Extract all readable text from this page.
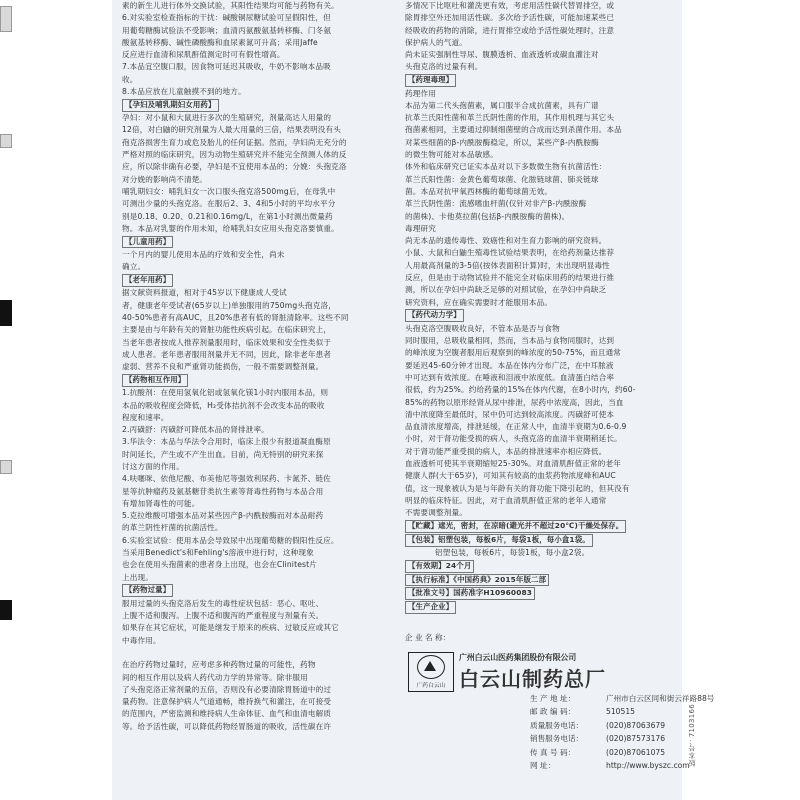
素的新生儿进行体外交换试验，其阳性结果均可能与药物有关。

6.对实验室检查指标的干扰：碱酸铜尿糖试验可呈假阳性，但

用葡萄糖酶试验法不受影响；血清丙氨酸氨基转移酶、门冬氨

酸氨基转移酶、碱性磷酸酶和血尿素氮可升高；采用Jaffe

反应进行血清和尿肌酐值测定时可有假性增高。

7.本品宜空腹口服，因食物可延迟其吸收，牛奶不影响本品吸

收。

8.本品应放在儿童触摸不到的地方。

【孕妇及哺乳期妇女用药】

孕妇：对小鼠和大鼠进行多次的生殖研究，剂量高达人用量的

12倍，对白鼬的研究剂量为人最大用量的三倍，结果表明没有头

孢克洛损害生育力或危及胎儿的任何证据。然而，孕妇尚无充分的

严格对照的临床研究，因为动物生殖研究并不能完全预测人体的反

应，所以除非确有必要，孕妇是不宜使用本品的；分娩：头孢克洛

对分娩的影响尚不清楚。

哺乳期妇女：哺乳妇女一次口服头孢克洛500mg后，在母乳中

可测出少量的头孢克洛。在服后2、3、4和5小时的平均水平分

别是0.18、0.20、0.21和0.16mg/L，在第1小时测出微量药

物。本品对乳婴的作用未知，给哺乳妇女应用头孢克洛要慎重。

【儿童用药】

一个月内的婴儿使用本品的疗效和安全性，尚未

确立。

【老年用药】

据文献资料报道，相对于45岁以下健康成人受试

者，健康老年受试者(65岁以上)单独服用的750mg头孢克洛，

40-50%患者有高AUC，且20%患者有低的肾脏清除率。这些不同

主要是由与年龄有关的肾脏功能性疾病引起。在临床研究上，

当老年患者按成人推荐剂量服用时，临床效果和安全性类似于

成人患者。老年患者服用剂量并无不同，因此，除非老年患者

虚弱、营养不良和严重肾功能损伤，一般不需要调整剂量。

【药物相互作用】

1.抗酸剂：在使用氢氧化铝或氢氧化镁1小时内服用本品，则

本品的吸收程度会降低，H₂受体拮抗剂不会改变本品的吸收

程度和速率。

2.丙磺舒：丙磺舒可降低本品的肾排泄率。

3.华法令：本品与华法令合用时，临床上很少有报道凝血酶原

时间延长，产生或不产生出血。目前，尚无特别的研究来探

讨这方面的作用。

4.呋噻咪、依他尼酸、布美他尼等强效利尿药、卡氮芥、链佐

星等抗肿瘤药及氨基糖苷类抗生素等肾毒性药物与本品合用

有增加肾毒性的可能。

5.克拉维酸可增强本品对某些因产β-内酰胺酶而对本品耐药

的革兰阴性杆菌的抗菌活性。

6.实验室试验：使用本品会导致尿中出现葡萄糖的假阳性反应。

当采用Benedict's和Fehling's溶液中进行时，这种现象

也会在使用头孢菌素的患者身上出现，也会在Clinitest片

上出现。

【药物过量】

服用过量的头孢克洛后发生的毒性症状包括：恶心、呕吐、

上腹不适和腹泻。上腹不适和腹泻的严重程度与剂量有关。

如果存在其它症状，可能是继发于原来的疾病、过敏反应或其它

中毒作用。

在治疗药物过量时，应考虑多种药物过量的可能性，药物

间的相互作用以及病人药代动力学的异常等。除非服用

了头孢克洛正常剂量的五倍，否则没有必要清除胃肠道中的过

量药物。注意保护病人气道通畅，维持换气和灌注，在可接受

的范围内，严密监测和维持病人生命体征、血气和血清电解质

等。给予活性碳，可以降低药物经胃肠道的吸收，活性碳在许

多情况下比呕吐和灌洗更有效，考虑用活性碳代替胃排空，或

除胃排空外还加用活性碳。多次给予活性碳，可能加速某些已

经吸收的药物的消除，进行胃排空或给予活性碳处理时，注意

保护病人的气道。

尚未证实强制性导尿、腹膜透析、血液透析或碳血灌注对

头孢克洛的过量有利。

【药理毒理】

药理作用

本品为第二代头孢菌素，属口服半合成抗菌素，具有广谱

抗革兰氏阳性菌和革兰氏阴性菌的作用，其作用机理与其它头

孢菌素相同，主要通过抑制细菌壁的合成而达到杀菌作用。本品

对某些细菌的β-内酰胺酶稳定，所以，某些产β-内酰胺酶

的微生物可能对本品敏感。

体外和临床研究已证实本品对以下多数微生物有抗菌活性：

革兰氏阳性菌：金黄色葡萄球菌、化脓链球菌、肺炎链球

菌。本品对抗甲氧西林酶的葡萄球菌无效。

革兰氏阴性菌：流感嗜血杆菌(仅针对非产β-内酰胺酶

的菌株)、卡他莫拉菌(包括β-内酰胺酶的菌株)。

毒理研究

尚无本品的遗传毒性、致癌性和对生育力影响的研究资料。

小鼠、大鼠和白鼬生殖毒性试验结果表明，在给药剂量达推荐

人用最高剂量的3-5倍(按体表面积计算)时，未出现明显毒性

反应，但是由于动物试验并不能完全对临床用药的结果进行推

测，所以在孕妇中尚缺乏足够的对照试验，在孕妇中尚缺乏

研究资料，应在确实需要时才能服用本品。

【药代动力学】

头孢克洛空腹吸收良好，不管本品是否与食物

同时服用，总吸收量相同，然而，当本品与食物同服时，达到

的峰浓度为空腹者服用后观察到的峰浓度的50-75%，而且通常

要延迟45-60分钟才出现。本品在体内分布广泛，在中耳脓液

中可达到有效浓度。在唾液和泪液中浓度低。血清蛋白结合率

很低，约为25%。约给药量的15%在体内代谢，在8小时内，约60-

85%的药物以原形经肾从尿中排泄，尿药中浓度高，因此，当血

清中浓度降至最低时，尿中仍可达到较高浓度。丙磺舒可使本

品血清浓度增高，排泄延缓，在正常人中，血清半衰期为0.6-0.9

小时，对于肾功能受损的病人，头孢克洛的血清半衰期稍延长。

对于肾功能严重受损的病人，本品的排泄速率亦相应降低。

血液透析可使其半衰期缩短25-30%。对血清肌酐值正常的老年

健康人群(大于65岁)，可知其有较高的血浆药物浓度峰和AUC

值，这一现象被认为是与年龄有关的肾功能下降引起的，但其没有

明显的临床特征。因此，对于血清肌酐值正常的老年人通常

不需要调整剂量。

【贮藏】遮光，密封，在凉暗(避光并不超过20℃)干燥处保存。

【包装】铝塑包装，每板6片，每袋1板，每小盒1袋。

铝塑包装，每板6片，每袋1板，每小盒2袋。

【有效期】24个月

【执行标准】《中国药典》2015年版二部

【批准文号】国药准字H10960083

【生产企业】

企 业 名 称：
广药白云山
广州白云山医药集团股份有限公司
白云山制药总厂
生 产 地 址：	广州市白云区同和街云祥路88号
邮 政 编 码：	510515
质量服务电话：	(020)87063679
销售服务电话：	(020)87573176
传 真 号 码：	(020)87061075
网 址：	http://www.byszc.com
版本号：7103166
